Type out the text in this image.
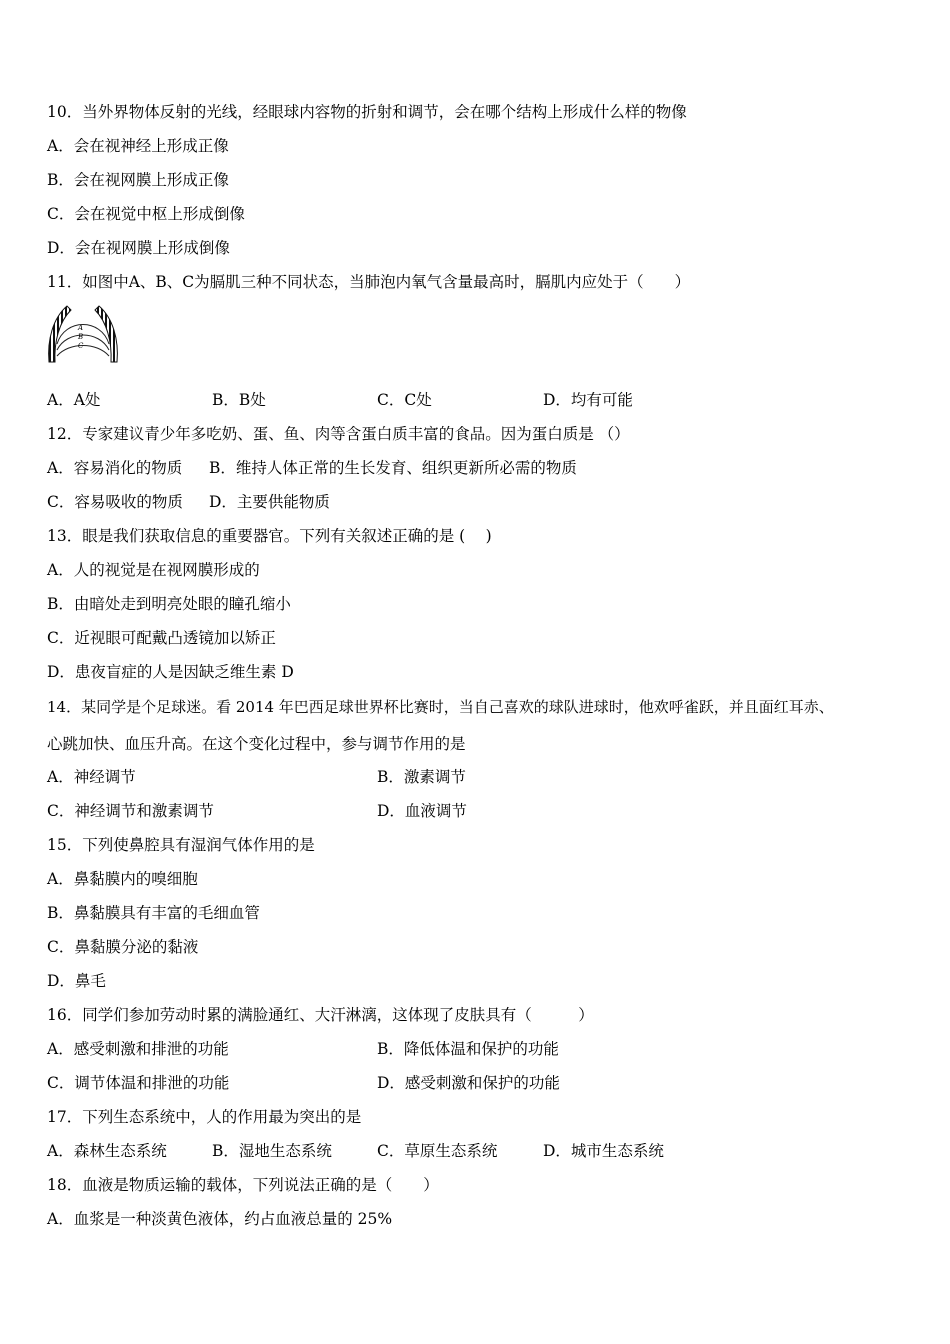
10．当外界物体反射的光线，经眼球内容物的折射和调节，会在哪个结构上形成什么样的物像
A．会在视神经上形成正像
B．会在视网膜上形成正像
C．会在视觉中枢上形成倒像
D．会在视网膜上形成倒像
11．如图中A、B、C为膈肌三种不同状态，当肺泡内氧气含量最高时，膈肌内应处于（　　）
A
B
C
A．A处	B．B处	C．C处	D．均有可能
12．专家建议青少年多吃奶、蛋、鱼、肉等含蛋白质丰富的食品。因为蛋白质是 （）
A．容易消化的物质 B．维持人体正常的生长发育、组织更新所必需的物质
C．容易吸收的物质 D．主要供能物质
13．眼是我们获取信息的重要器官。下列有关叙述正确的是 (　 )
A．人的视觉是在视网膜形成的
B．由暗处走到明亮处眼的瞳孔缩小
C．近视眼可配戴凸透镜加以矫正
D．患夜盲症的人是因缺乏维生素 D
14．某同学是个足球迷。看 2014 年巴西足球世界杯比赛时，当自己喜欢的球队进球时，他欢呼雀跃，并且面红耳赤、
心跳加快、血压升高。在这个变化过程中，参与调节作用的是
A．神经调节	B．激素调节
C．神经调节和激素调节	D．血液调节
15．下列使鼻腔具有湿润气体作用的是
A．鼻黏膜内的嗅细胞
B．鼻黏膜具有丰富的毛细血管
C．鼻黏膜分泌的黏液
D．鼻毛
16．同学们参加劳动时累的满脸通红、大汗淋漓，这体现了皮肤具有（　　　）
A．感受刺激和排泄的功能	B．降低体温和保护的功能
C．调节体温和排泄的功能	D．感受刺激和保护的功能
17．下列生态系统中，人的作用最为突出的是
A．森林生态系统	B．湿地生态系统	C．草原生态系统	D．城市生态系统
18．血液是物质运输的载体，下列说法正确的是（　　）
A．血浆是一种淡黄色液体，约占血液总量的 25%
